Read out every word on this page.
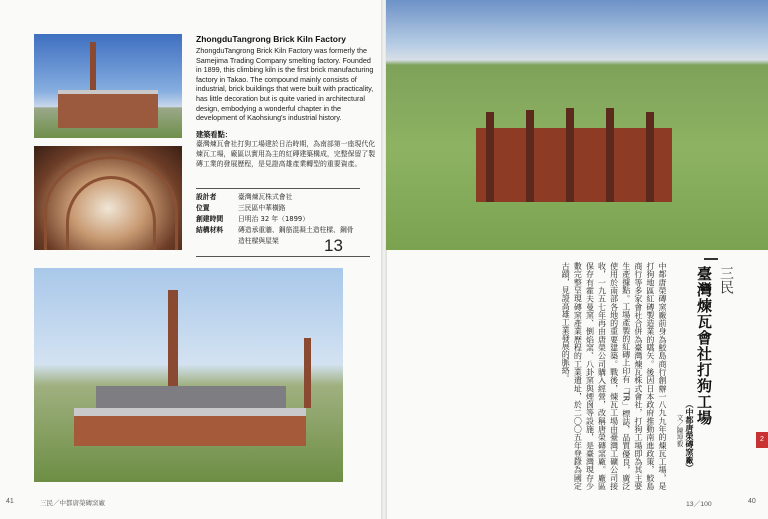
ZhongduTangrong Brick Kiln Factory
ZhongduTangrong Brick Kiln Factory was formerly the Samejima Trading Company smelting factory. Founded in 1899, this climbing kiln is the first brick manufacturing factory in Takao. The compound mainly consists of industrial, brick buildings that were built with practicality, has little decoration but is quite varied in architectural design, embodying a wonderful chapter in the development of Kaohsiung's industrial history.
建築看點：
臺灣煉瓦會社打狗工場建於日治時期，為南部第一座現代化煉瓦工場，廠區以實用為主的紅磚建築構成，完整保留了製磚工業的發展歷程，是見證高雄產業轉型的重要資產。
設計者	臺灣煉瓦株式會社
位置	三民區中華橫路
創建時間	日明治 32 年（1899）
結構材料	磚造承重牆、鋼筋混凝土造柱樑、鋼骨造柱樑與屋架	13
41	三民／中都唐榮磚窯廠
臺灣煉瓦會社打狗工場
（中都唐榮磚窯廠）
三民
文／陳坤毅
中都唐榮磚窯廠前身為鮫島商行創辦一八九九年的煉瓦工場，是打狗地區紅磚製造業的嚆矢。後因日本政府推動南進政策，鮫島商行等多家會社合併為臺灣煉瓦株式會社，打狗工場即為其主要生產據點。工場產製的紅磚上印有「TR」標誌，品質優良，廣泛使用於南部各地的重要建築。戰後，煉瓦工場由臺灣工礦公司接收，一九五七年再由唐榮公司購入經營，改稱唐榮磚窯廠。廠區保存有霍夫曼窯、倒焰窯、八卦窯與煙囪等設施，是臺灣現存少數完整呈現磚窯產業歷程的工業遺址，於二〇〇五年登錄為國定古蹟，見證高雄工業發展的脈絡。
2
13／100	40
